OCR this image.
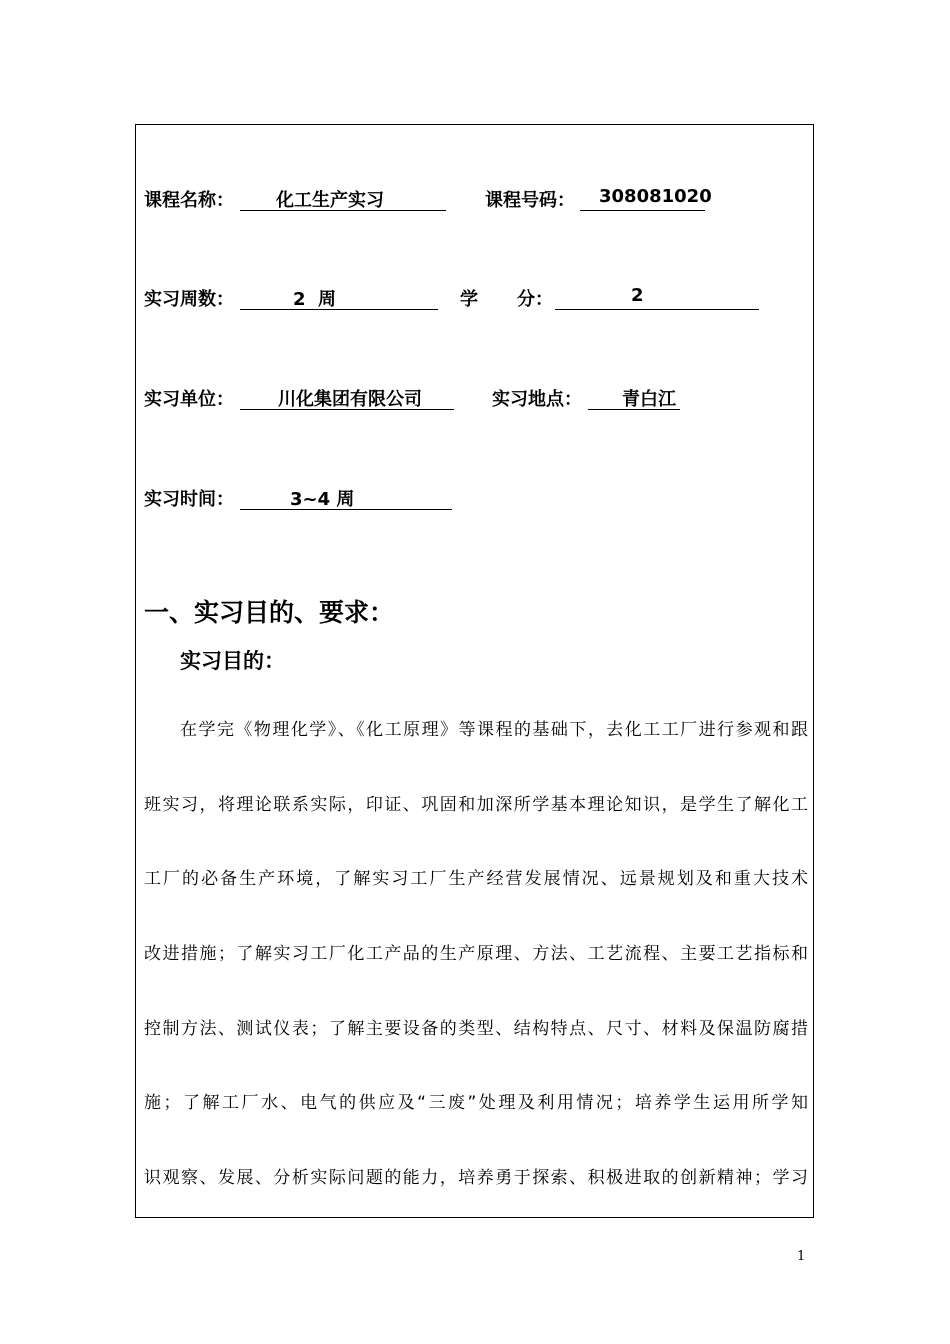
课程名称： 化工生产实习	课程号码： 308081020
实习周数：	2  周	学 分：	2
实习单位： 川化集团有限公司	实习地点： 青白江
实习时间：	3~4 周
一、实习目的、要求：
实习目的：
在学完《物理化学》、《化工原理》等课程的基础下，去化工工厂进行参观和跟
班实习，将理论联系实际，印证、巩固和加深所学基本理论知识，是学生了解化工
工厂的必备生产环境，了解实习工厂生产经营发展情况、远景规划及和重大技术
改进措施；了解实习工厂化工产品的生产原理、方法、工艺流程、主要工艺指标和
控制方法、测试仪表；了解主要设备的类型、结构特点、尺寸、材料及保温防腐措
施；了解工厂水、电气的供应及“三废”处理及利用情况；培养学生运用所学知
识观察、发展、分析实际问题的能力，培养勇于探索、积极进取的创新精神；学习
1
